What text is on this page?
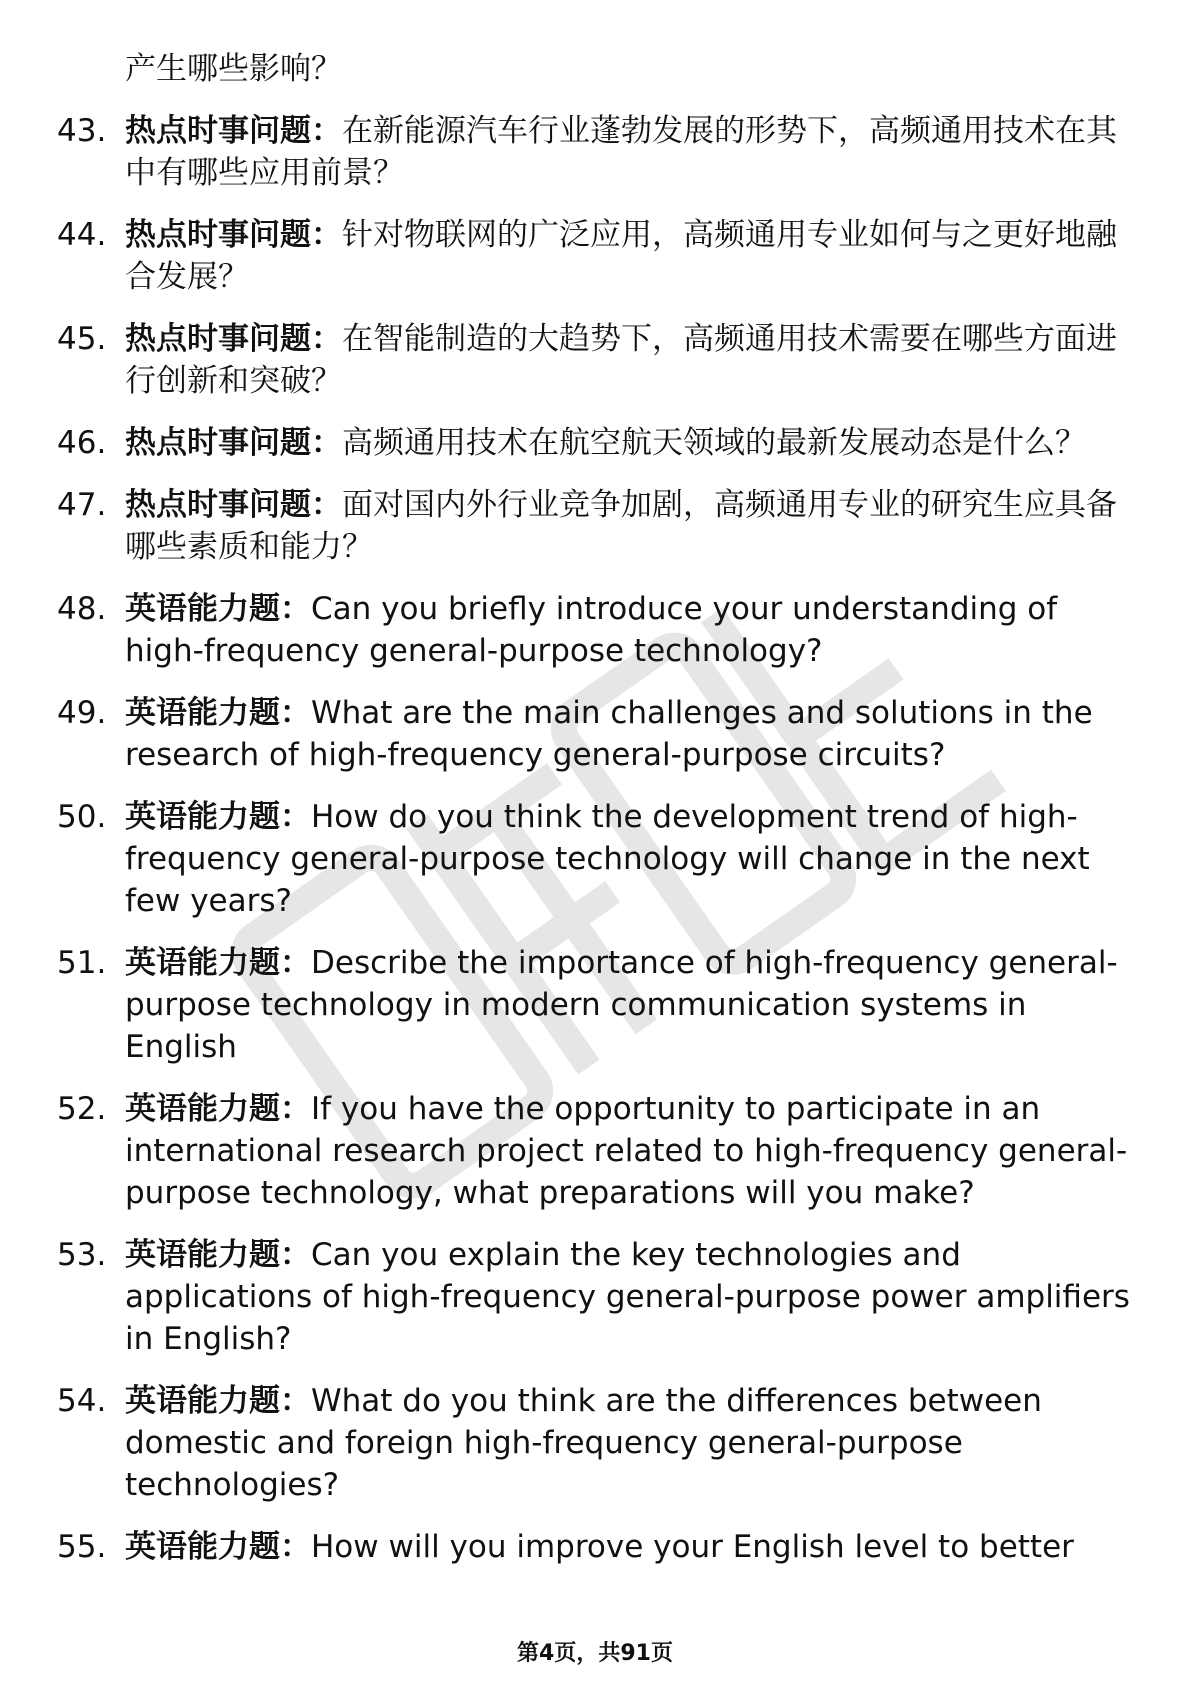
产生哪些影响？
43. 热点时事问题：在新能源汽车行业蓬勃发展的形势下，高频通用技术在其中有哪些应用前景？
44. 热点时事问题：针对物联网的广泛应用，高频通用专业如何与之更好地融合发展？
45. 热点时事问题：在智能制造的大趋势下，高频通用技术需要在哪些方面进行创新和突破？
46. 热点时事问题：高频通用技术在航空航天领域的最新发展动态是什么？
47. 热点时事问题：面对国内外行业竞争加剧，高频通用专业的研究生应具备哪些素质和能力？
48. 英语能力题：Can you briefly introduce your understanding of high-frequency general-purpose technology?
49. 英语能力题：What are the main challenges and solutions in the research of high-frequency general-purpose circuits?
50. 英语能力题：How do you think the development trend of high-frequency general-purpose technology will change in the next few years?
51. 英语能力题：Describe the importance of high-frequency general-purpose technology in modern communication systems in English
52. 英语能力题：If you have the opportunity to participate in an international research project related to high-frequency general-purpose technology, what preparations will you make?
53. 英语能力题：Can you explain the key technologies and applications of high-frequency general-purpose power amplifiers in English?
54. 英语能力题：What do you think are the differences between domestic and foreign high-frequency general-purpose technologies?
55. 英语能力题：How will you improve your English level to better
第4页，共91页
